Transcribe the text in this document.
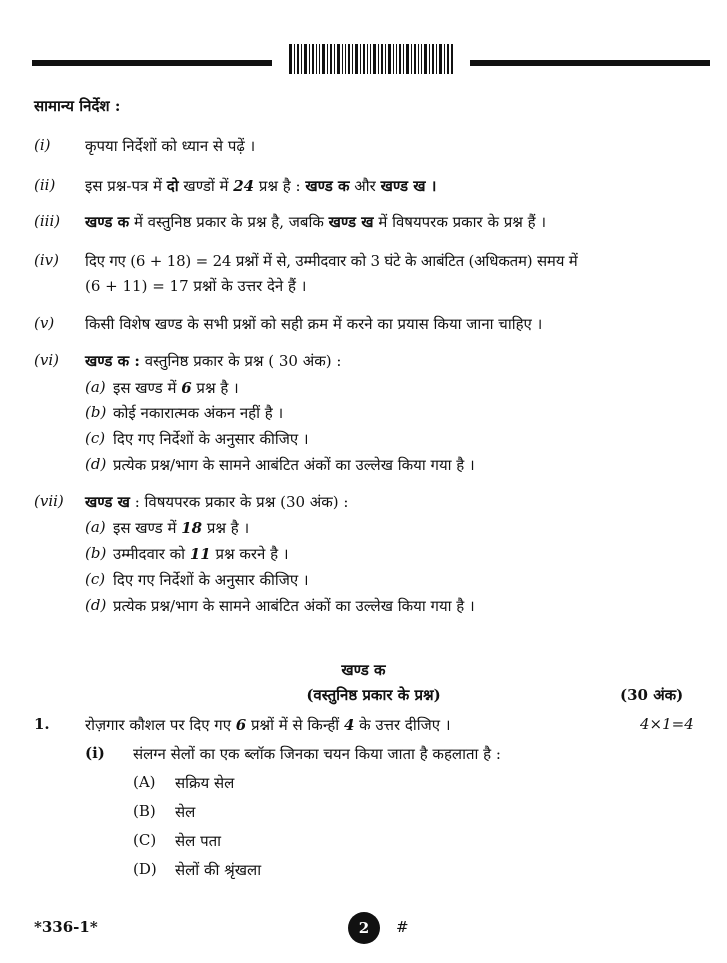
सामान्य निर्देश :
(i) कृपया निर्देशों को ध्यान से पढ़ें ।
(ii) इस प्रश्न-पत्र में दो खण्डों में 24 प्रश्न है : खण्ड क और खण्ड ख ।
(iii) खण्ड क में वस्तुनिष्ठ प्रकार के प्रश्न है, जबकि खण्ड ख में विषयपरक प्रकार के प्रश्न हैं ।
(iv) दिए गए (6 + 18) = 24 प्रश्नों में से, उम्मीदवार को 3 घंटे के आबंटित (अधिकतम) समय में
(6 + 11) = 17 प्रश्नों के उत्तर देने हैं ।
(v) किसी विशेष खण्ड के सभी प्रश्नों को सही क्रम में करने का प्रयास किया जाना चाहिए ।
(vi) खण्ड क : वस्तुनिष्ठ प्रकार के प्रश्न ( 30 अंक) :
(a) इस खण्ड में 6 प्रश्न है ।
(b) कोई नकारात्मक अंकन नहीं है ।
(c) दिए गए निर्देशों के अनुसार कीजिए ।
(d) प्रत्येक प्रश्न/भाग के सामने आबंटित अंकों का उल्लेख किया गया है ।
(vii) खण्ड ख : विषयपरक प्रकार के प्रश्न (30 अंक) :
(a) इस खण्ड में 18 प्रश्न है ।
(b) उम्मीदवार को 11 प्रश्न करने है ।
(c) दिए गए निर्देशों के अनुसार कीजिए ।
(d) प्रत्येक प्रश्न/भाग के सामने आबंटित अंकों का उल्लेख किया गया है ।
खण्ड क
(वस्तुनिष्ठ प्रकार के प्रश्न)	(30 अंक)
1. रोज़गार कौशल पर दिए गए 6 प्रश्नों में से किन्हीं 4 के उत्तर दीजिए ।	4×1=4
(i) संलग्न सेलों का एक ब्लॉक जिनका चयन किया जाता है कहलाता है :
(A) सक्रिय सेल
(B) सेल
(C) सेल पता
(D) सेलों की श्रृंखला
*336-1*	2	#
